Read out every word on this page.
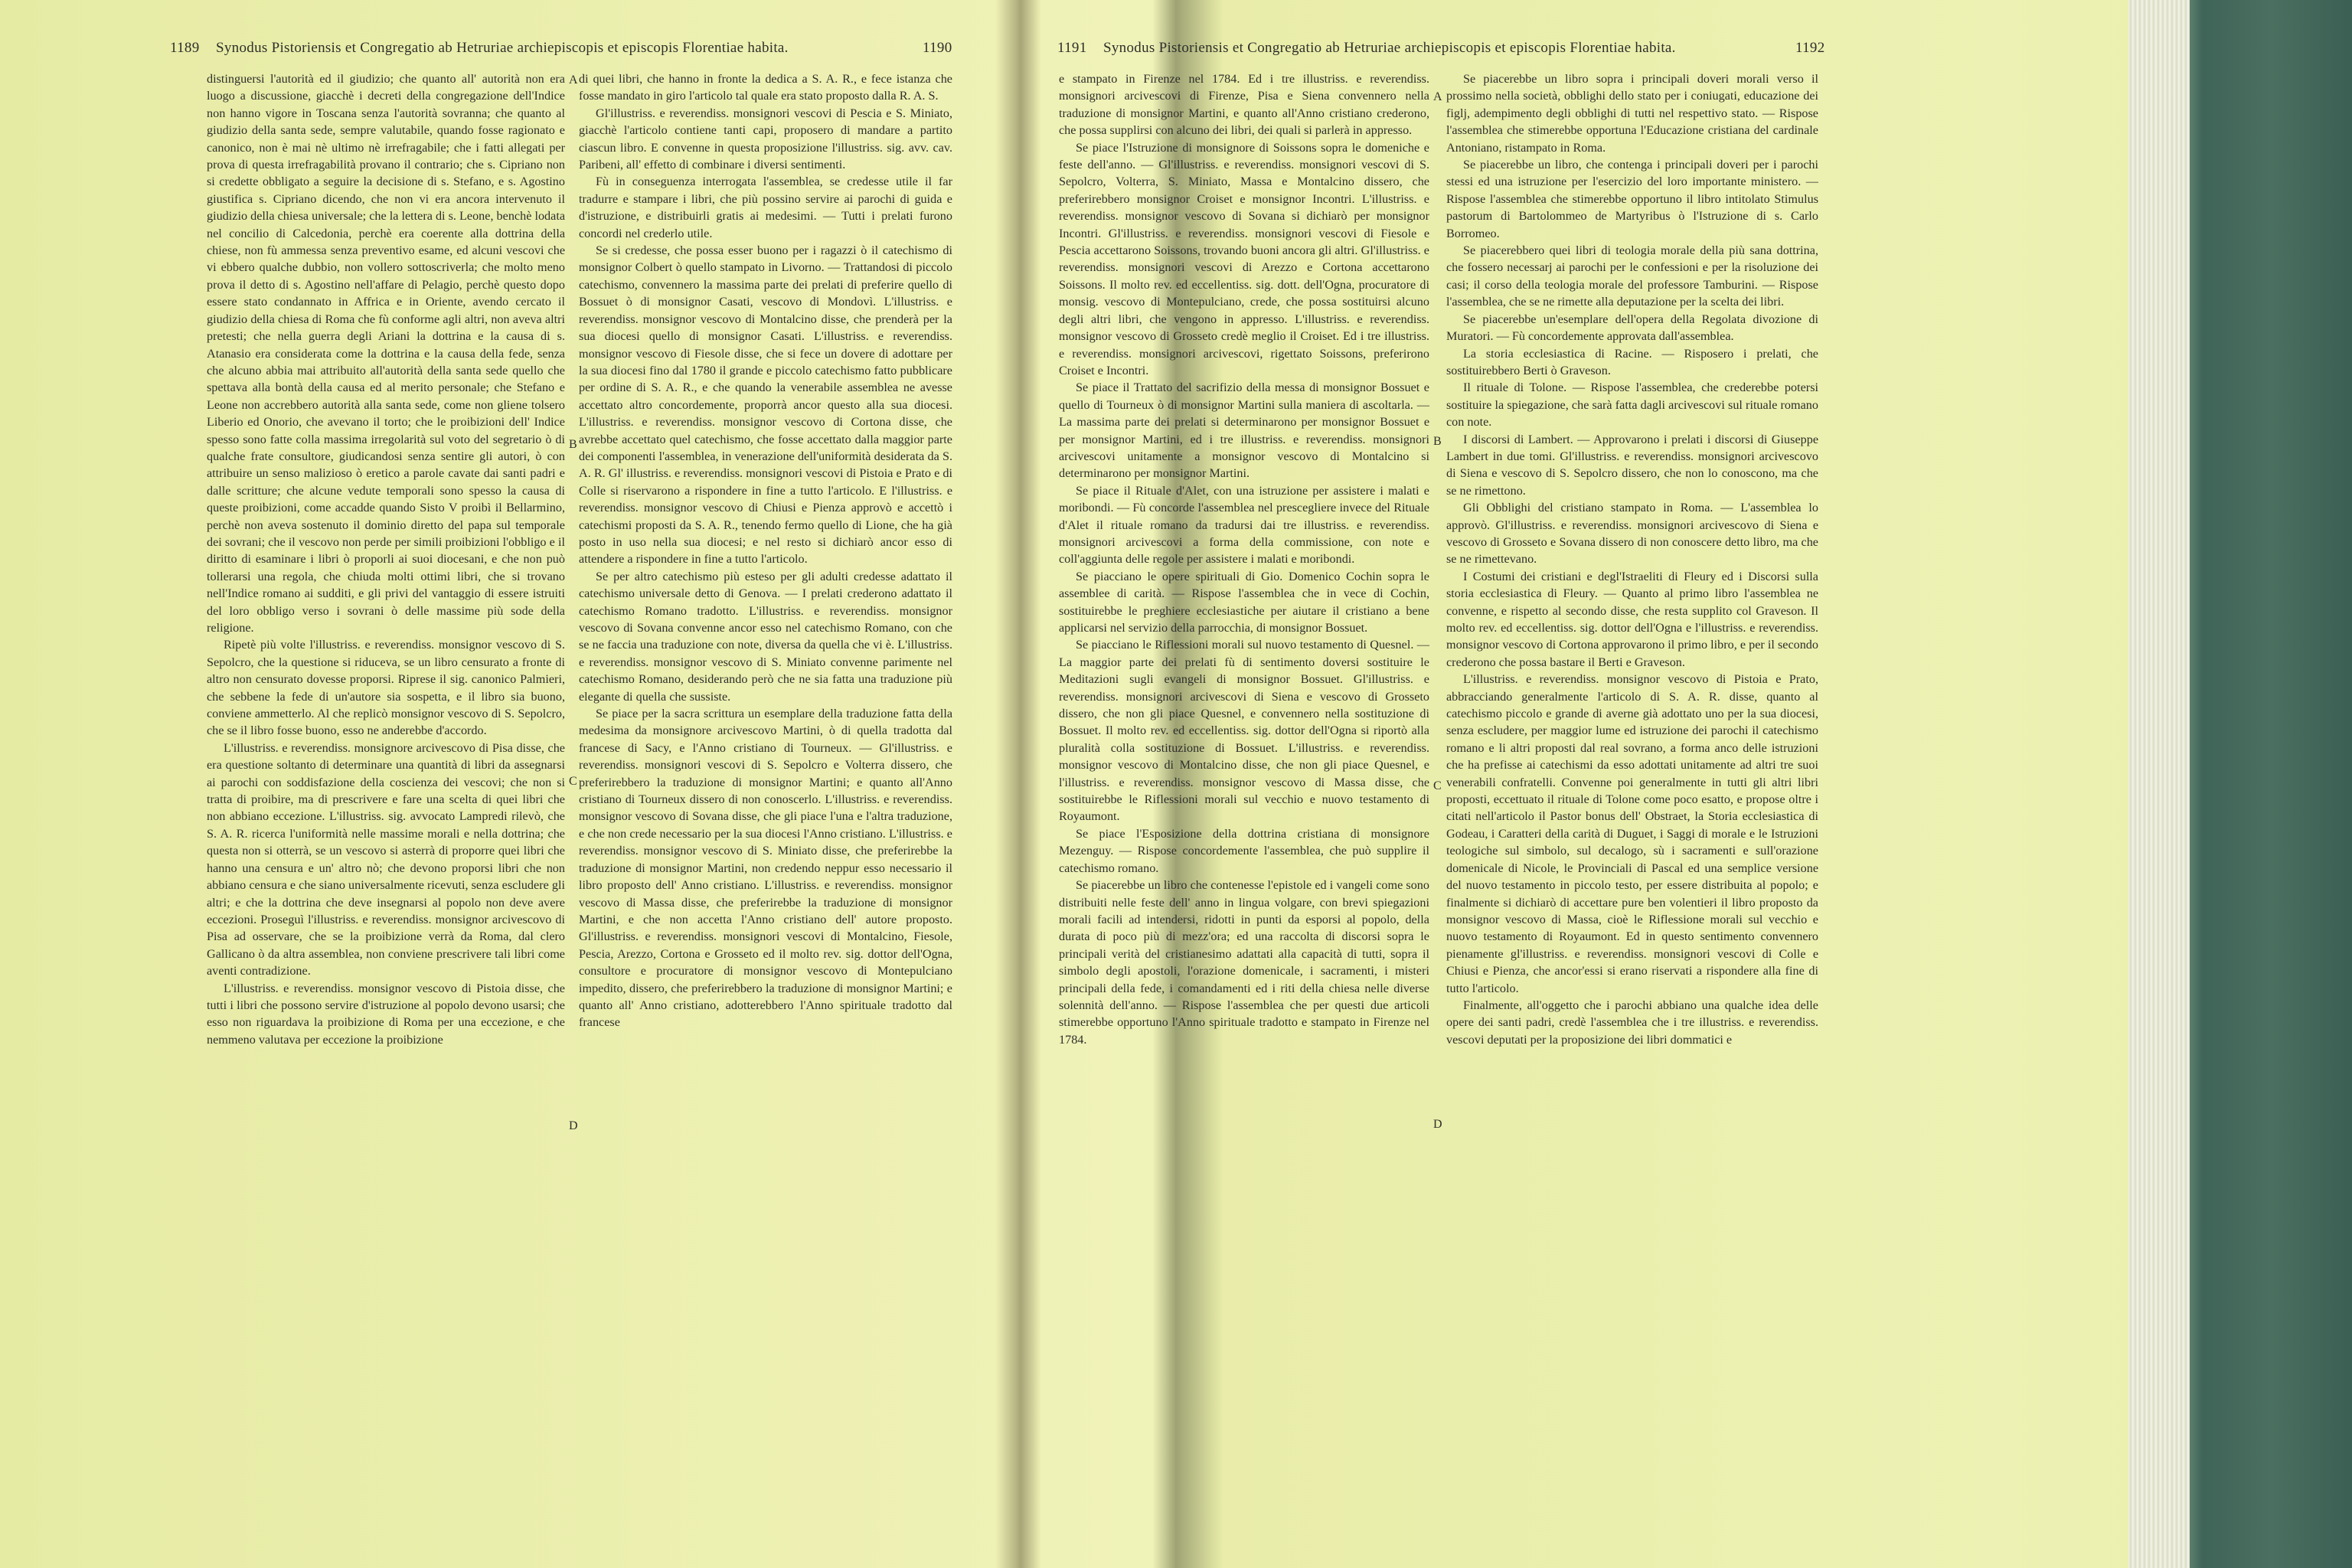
1189 Synodus Pistoriensis et Congregatio ab Hetruriae archiepiscopis et episcopis Florentiae habita.	1190

distinguersi l'autorità ed il giudizio; che quanto all' autorità non era luogo a discussione, giacchè i decreti della congregazione dell'Indice non hanno vigore in Toscana senza l'autorità sovranna; che quanto al giudizio della santa sede, sempre valutabile, quando fosse ragionato e canonico, non è mai nè ultimo nè irrefragabile; che i fatti allegati per prova di questa irrefragabilità provano il contrario; che s. Cipriano non si credette obbligato a seguire la decisione di s. Stefano, e s. Agostino giustifica s. Cipriano dicendo, che non vi era ancora intervenuto il giudizio della chiesa universale; che la lettera di s. Leone, benchè lodata nel concilio di Calcedonia, perchè era coerente alla dottrina della chiese, non fù ammessa senza preventivo esame, ed alcuni vescovi che vi ebbero qualche dubbio, non vollero sottoscriverla; che molto meno prova il detto di s. Agostino nell'affare di Pelagio, perchè questo dopo essere stato condannato in Affrica e in Oriente, avendo cercato il giudizio della chiesa di Roma che fù conforme agli altri, non aveva altri pretesti; che nella guerra degli Ariani la dottrina e la causa di s. Atanasio era considerata come la dottrina e la causa della fede, senza che alcuno abbia mai attribuito all'autorità della santa sede quello che spettava alla bontà della causa ed al merito personale; che Stefano e Leone non accrebbero autorità alla santa sede, come non gliene tolsero Liberio ed Onorio, che avevano il torto; che le proibizioni dell' Indice spesso sono fatte colla massima irregolarità sul voto del segretario ò di qualche frate consultore, giudicandosi senza sentire gli autori, ò con attribuire un senso malizioso ò eretico a parole cavate dai santi padri e dalle scritture; che alcune vedute temporali sono spesso la causa di queste proibizioni, come accadde quando Sisto V proibì il Bellarmino, perchè non aveva sostenuto il dominio diretto del papa sul temporale dei sovrani; che il vescovo non perde per simili proibizioni l'obbligo e il diritto di esaminare i libri ò proporli ai suoi diocesani, e che non può tollerarsi una regola, che chiuda molti ottimi libri, che si trovano nell'Indice romano ai sudditi, e gli privi del vantaggio di essere istruiti del loro obbligo verso i sovrani ò delle massime più sode della religione.

Ripetè più volte l'illustriss. e reverendiss. monsignor vescovo di S. Sepolcro, che la questione si riduceva, se un libro censurato a fronte di altro non censurato dovesse proporsi. Riprese il sig. canonico Palmieri, che sebbene la fede di un'autore sia sospetta, e il libro sia buono, conviene ammetterlo. Al che replicò monsignor vescovo di S. Sepolcro, che se il libro fosse buono, esso ne anderebbe d'accordo.

L'illustriss. e reverendiss. monsignore arcivescovo di Pisa disse, che era questione soltanto di determinare una quantità di libri da assegnarsi ai parochi con soddisfazione della coscienza dei vescovi; che non si tratta di proibire, ma di prescrivere e fare una scelta di quei libri che non abbiano eccezione. L'illustriss. sig. avvocato Lampredi rilevò, che S. A. R. ricerca l'uniformità nelle massime morali e nella dottrina; che questa non si otterrà, se un vescovo si asterrà di proporre quei libri che hanno una censura e un' altro nò; che devono proporsi libri che non abbiano censura e che siano universalmente ricevuti, senza escludere gli altri; e che la dottrina che deve insegnarsi al popolo non deve avere eccezioni. Proseguì l'illustriss. e reverendiss. monsignor arcivescovo di Pisa ad osservare, che se la proibizione verrà da Roma, dal clero Gallicano ò da altra assemblea, non conviene prescrivere tali libri come aventi contradizione.

L'illustriss. e reverendiss. monsignor vescovo di Pistoia disse, che tutti i libri che possono servire d'istruzione al popolo devono usarsi; che esso non riguardava la proibizione di Roma per una eccezione, e che nemmeno valutava per eccezione la proibizione

di quei libri, che hanno in fronte la dedica a S. A. R., e fece istanza che fosse mandato in giro l'articolo tal quale era stato proposto dalla R. A. S.

Gl'illustriss. e reverendiss. monsignori vescovi di Pescia e S. Miniato, giacchè l'articolo contiene tanti capi, proposero di mandare a partito ciascun libro. E convenne in questa proposizione l'illustriss. sig. avv. cav. Paribeni, all' effetto di combinare i diversi sentimenti.

Fù in conseguenza interrogata l'assemblea, se credesse utile il far tradurre e stampare i libri, che più possino servire ai parochi di guida e d'istruzione, e distribuirli gratis ai medesimi. — Tutti i prelati furono concordi nel crederlo utile.

Se si credesse, che possa esser buono per i ragazzi ò il catechismo di monsignor Colbert ò quello stampato in Livorno. — Trattandosi di piccolo catechismo, convennero la massima parte dei prelati di preferire quello di Bossuet ò di monsignor Casati, vescovo di Mondovì. L'illustriss. e reverendiss. monsignor vescovo di Montalcino disse, che prenderà per la sua diocesi quello di monsignor Casati. L'illustriss. e reverendiss. monsignor vescovo di Fiesole disse, che si fece un dovere di adottare per la sua diocesi fino dal 1780 il grande e piccolo catechismo fatto pubblicare per ordine di S. A. R., e che quando la venerabile assemblea ne avesse accettato altro concordemente, proporrà ancor questo alla sua diocesi. L'illustriss. e reverendiss. monsignor vescovo di Cortona disse, che avrebbe accettato quel catechismo, che fosse accettato dalla maggior parte dei componenti l'assemblea, in venerazione dell'uniformità desiderata da S. A. R. Gl' illustriss. e reverendiss. monsignori vescovi di Pistoia e Prato e di Colle si riservarono a rispondere in fine a tutto l'articolo. E l'illustriss. e reverendiss. monsignor vescovo di Chiusi e Pienza approvò e accettò i catechismi proposti da S. A. R., tenendo fermo quello di Lione, che ha già posto in uso nella sua diocesi; e nel resto si dichiarò ancor esso di attendere a rispondere in fine a tutto l'articolo.

Se per altro catechismo più esteso per gli adulti credesse adattato il catechismo universale detto di Genova. — I prelati crederono adattato il catechismo Romano tradotto. L'illustriss. e reverendiss. monsignor vescovo di Sovana convenne ancor esso nel catechismo Romano, con che se ne faccia una traduzione con note, diversa da quella che vi è. L'illustriss. e reverendiss. monsignor vescovo di S. Miniato convenne parimente nel catechismo Romano, desiderando però che ne sia fatta una traduzione più elegante di quella che sussiste.

Se piace per la sacra scrittura un esemplare della traduzione fatta della medesima da monsignore arcivescovo Martini, ò di quella tradotta dal francese di Sacy, e l'Anno cristiano di Tourneux. — Gl'illustriss. e reverendiss. monsignori vescovi di S. Sepolcro e Volterra dissero, che preferirebbero la traduzione di monsignor Martini; e quanto all'Anno cristiano di Tourneux dissero di non conoscerlo. L'illustriss. e reverendiss. monsignor vescovo di Sovana disse, che gli piace l'una e l'altra traduzione, e che non crede necessario per la sua diocesi l'Anno cristiano. L'illustriss. e reverendiss. monsignor vescovo di S. Miniato disse, che preferirebbe la traduzione di monsignor Martini, non credendo neppur esso necessario il libro proposto dell' Anno cristiano. L'illustriss. e reverendiss. monsignor vescovo di Massa disse, che preferirebbe la traduzione di monsignor Martini, e che non accetta l'Anno cristiano dell' autore proposto. Gl'illustriss. e reverendiss. monsignori vescovi di Montalcino, Fiesole, Pescia, Arezzo, Cortona e Grosseto ed il molto rev. sig. dottor dell'Ogna, consultore e procuratore di monsignor vescovo di Montepulciano impedito, dissero, che preferirebbero la traduzione di monsignor Martini; e quanto all' Anno cristiano, adotterebbero l'Anno spirituale tradotto dal francese

A
B
C
D
1191 Synodus Pistoriensis et Congregatio ab Hetruriae archiepiscopis et episcopis Florentiae habita.	1192

e stampato in Firenze nel 1784. Ed i tre illustriss. e reverendiss. monsignori arcivescovi di Firenze, Pisa e Siena convennero nella traduzione di monsignor Martini, e quanto all'Anno cristiano crederono, che possa supplirsi con alcuno dei libri, dei quali si parlerà in appresso.

Se piace l'Istruzione di monsignore di Soissons sopra le domeniche e feste dell'anno. — Gl'illustriss. e reverendiss. monsignori vescovi di S. Sepolcro, Volterra, S. Miniato, Massa e Montalcino dissero, che preferirebbero monsignor Croiset e monsignor Incontri. L'illustriss. e reverendiss. monsignor vescovo di Sovana si dichiarò per monsignor Incontri. Gl'illustriss. e reverendiss. monsignori vescovi di Fiesole e Pescia accettarono Soissons, trovando buoni ancora gli altri. Gl'illustriss. e reverendiss. monsignori vescovi di Arezzo e Cortona accettarono Soissons. Il molto rev. ed eccellentiss. sig. dott. dell'Ogna, procuratore di monsig. vescovo di Montepulciano, crede, che possa sostituirsi alcuno degli altri libri, che vengono in appresso. L'illustriss. e reverendiss. monsignor vescovo di Grosseto credè meglio il Croiset. Ed i tre illustriss. e reverendiss. monsignori arcivescovi, rigettato Soissons, preferirono Croiset e Incontri.

Se piace il Trattato del sacrifizio della messa di monsignor Bossuet e quello di Tourneux ò di monsignor Martini sulla maniera di ascoltarla. — La massima parte dei prelati si determinarono per monsignor Bossuet e per monsignor Martini, ed i tre illustriss. e reverendiss. monsignori arcivescovi unitamente a monsignor vescovo di Montalcino si determinarono per monsignor Martini.

Se piace il Rituale d'Alet, con una istruzione per assistere i malati e moribondi. — Fù concorde l'assemblea nel prescegliere invece del Rituale d'Alet il rituale romano da tradursi dai tre illustriss. e reverendiss. monsignori arcivescovi a forma della commissione, con note e coll'aggiunta delle regole per assistere i malati e moribondi.

Se piacciano le opere spirituali di Gio. Domenico Cochin sopra le assemblee di carità. — Rispose l'assemblea che in vece di Cochin, sostituirebbe le preghiere ecclesiastiche per aiutare il cristiano a bene applicarsi nel servizio della parrocchia, di monsignor Bossuet.

Se piacciano le Riflessioni morali sul nuovo testamento di Quesnel. — La maggior parte dei prelati fù di sentimento doversi sostituire le Meditazioni sugli evangeli di monsignor Bossuet. Gl'illustriss. e reverendiss. monsignori arcivescovi di Siena e vescovo di Grosseto dissero, che non gli piace Quesnel, e convennero nella sostituzione di Bossuet. Il molto rev. ed eccellentiss. sig. dottor dell'Ogna si riportò alla pluralità colla sostituzione di Bossuet. L'illustriss. e reverendiss. monsignor vescovo di Montalcino disse, che non gli piace Quesnel, e l'illustriss. e reverendiss. monsignor vescovo di Massa disse, che sostituirebbe le Riflessioni morali sul vecchio e nuovo testamento di Royaumont.

Se piace l'Esposizione della dottrina cristiana di monsignore Mezenguy. — Rispose concordemente l'assemblea, che può supplire il catechismo romano.

Se piacerebbe un libro che contenesse l'epistole ed i vangeli come sono distribuiti nelle feste dell' anno in lingua volgare, con brevi spiegazioni morali facili ad intendersi, ridotti in punti da esporsi al popolo, della durata di poco più di mezz'ora; ed una raccolta di discorsi sopra le principali verità del cristianesimo adattati alla capacità di tutti, sopra il simbolo degli apostoli, l'orazione domenicale, i sacramenti, i misteri principali della fede, i comandamenti ed i riti della chiesa nelle diverse solennità dell'anno. — Rispose l'assemblea che per questi due articoli stimerebbe opportuno l'Anno spirituale tradotto e stampato in Firenze nel 1784.

Se piacerebbe un libro sopra i principali doveri morali verso il prossimo nella società, obblighi dello stato per i coniugati, educazione dei figlj, adempimento degli obblighi di tutti nel respettivo stato. — Rispose l'assemblea che stimerebbe opportuna l'Educazione cristiana del cardinale Antoniano, ristampato in Roma.

Se piacerebbe un libro, che contenga i principali doveri per i parochi stessi ed una istruzione per l'esercizio del loro importante ministero. — Rispose l'assemblea che stimerebbe opportuno il libro intitolato Stimulus pastorum di Bartolommeo de Martyribus ò l'Istruzione di s. Carlo Borromeo.

Se piacerebbero quei libri di teologia morale della più sana dottrina, che fossero necessarj ai parochi per le confessioni e per la risoluzione dei casi; il corso della teologia morale del professore Tamburini. — Rispose l'assemblea, che se ne rimette alla deputazione per la scelta dei libri.

Se piacerebbe un'esemplare dell'opera della Regolata divozione di Muratori. — Fù concordemente approvata dall'assemblea.

La storia ecclesiastica di Racine. — Risposero i prelati, che sostituirebbero Berti ò Graveson.

Il rituale di Tolone. — Rispose l'assemblea, che crederebbe potersi sostituire la spiegazione, che sarà fatta dagli arcivescovi sul rituale romano con note.

I discorsi di Lambert. — Approvarono i prelati i discorsi di Giuseppe Lambert in due tomi. Gl'illustriss. e reverendiss. monsignori arcivescovo di Siena e vescovo di S. Sepolcro dissero, che non lo conoscono, ma che se ne rimettono.

Gli Obblighi del cristiano stampato in Roma. — L'assemblea lo approvò. Gl'illustriss. e reverendiss. monsignori arcivescovo di Siena e vescovo di Grosseto e Sovana dissero di non conoscere detto libro, ma che se ne rimettevano.

I Costumi dei cristiani e degl'Istraeliti di Fleury ed i Discorsi sulla storia ecclesiastica di Fleury. — Quanto al primo libro l'assemblea ne convenne, e rispetto al secondo disse, che resta supplito col Graveson. Il molto rev. ed eccellentiss. sig. dottor dell'Ogna e l'illustriss. e reverendiss. monsignor vescovo di Cortona approvarono il primo libro, e per il secondo crederono che possa bastare il Berti e Graveson.

L'illustriss. e reverendiss. monsignor vescovo di Pistoia e Prato, abbracciando generalmente l'articolo di S. A. R. disse, quanto al catechismo piccolo e grande di averne già adottato uno per la sua diocesi, senza escludere, per maggior lume ed istruzione dei parochi il catechismo romano e li altri proposti dal real sovrano, a forma anco delle istruzioni che ha prefisse ai catechismi da esso adottati unitamente ad altri tre suoi venerabili confratelli. Convenne poi generalmente in tutti gli altri libri proposti, eccettuato il rituale di Tolone come poco esatto, e propose oltre i citati nell'articolo il Pastor bonus dell' Obstraet, la Storia ecclesiastica di Godeau, i Caratteri della carità di Duguet, i Saggi di morale e le Istruzioni teologiche sul simbolo, sul decalogo, sù i sacramenti e sull'orazione domenicale di Nicole, le Provinciali di Pascal ed una semplice versione del nuovo testamento in piccolo testo, per essere distribuita al popolo; e finalmente si dichiarò di accettare pure ben volentieri il libro proposto da monsignor vescovo di Massa, cioè le Riflessione morali sul vecchio e nuovo testamento di Royaumont. Ed in questo sentimento convennero pienamente gl'illustriss. e reverendiss. monsignori vescovi di Colle e Chiusi e Pienza, che ancor'essi si erano riservati a rispondere alla fine di tutto l'articolo.

Finalmente, all'oggetto che i parochi abbiano una qualche idea delle opere dei santi padri, credè l'assemblea che i tre illustriss. e reverendiss. vescovi deputati per la proposizione dei libri dommatici e

A
B
C
D
